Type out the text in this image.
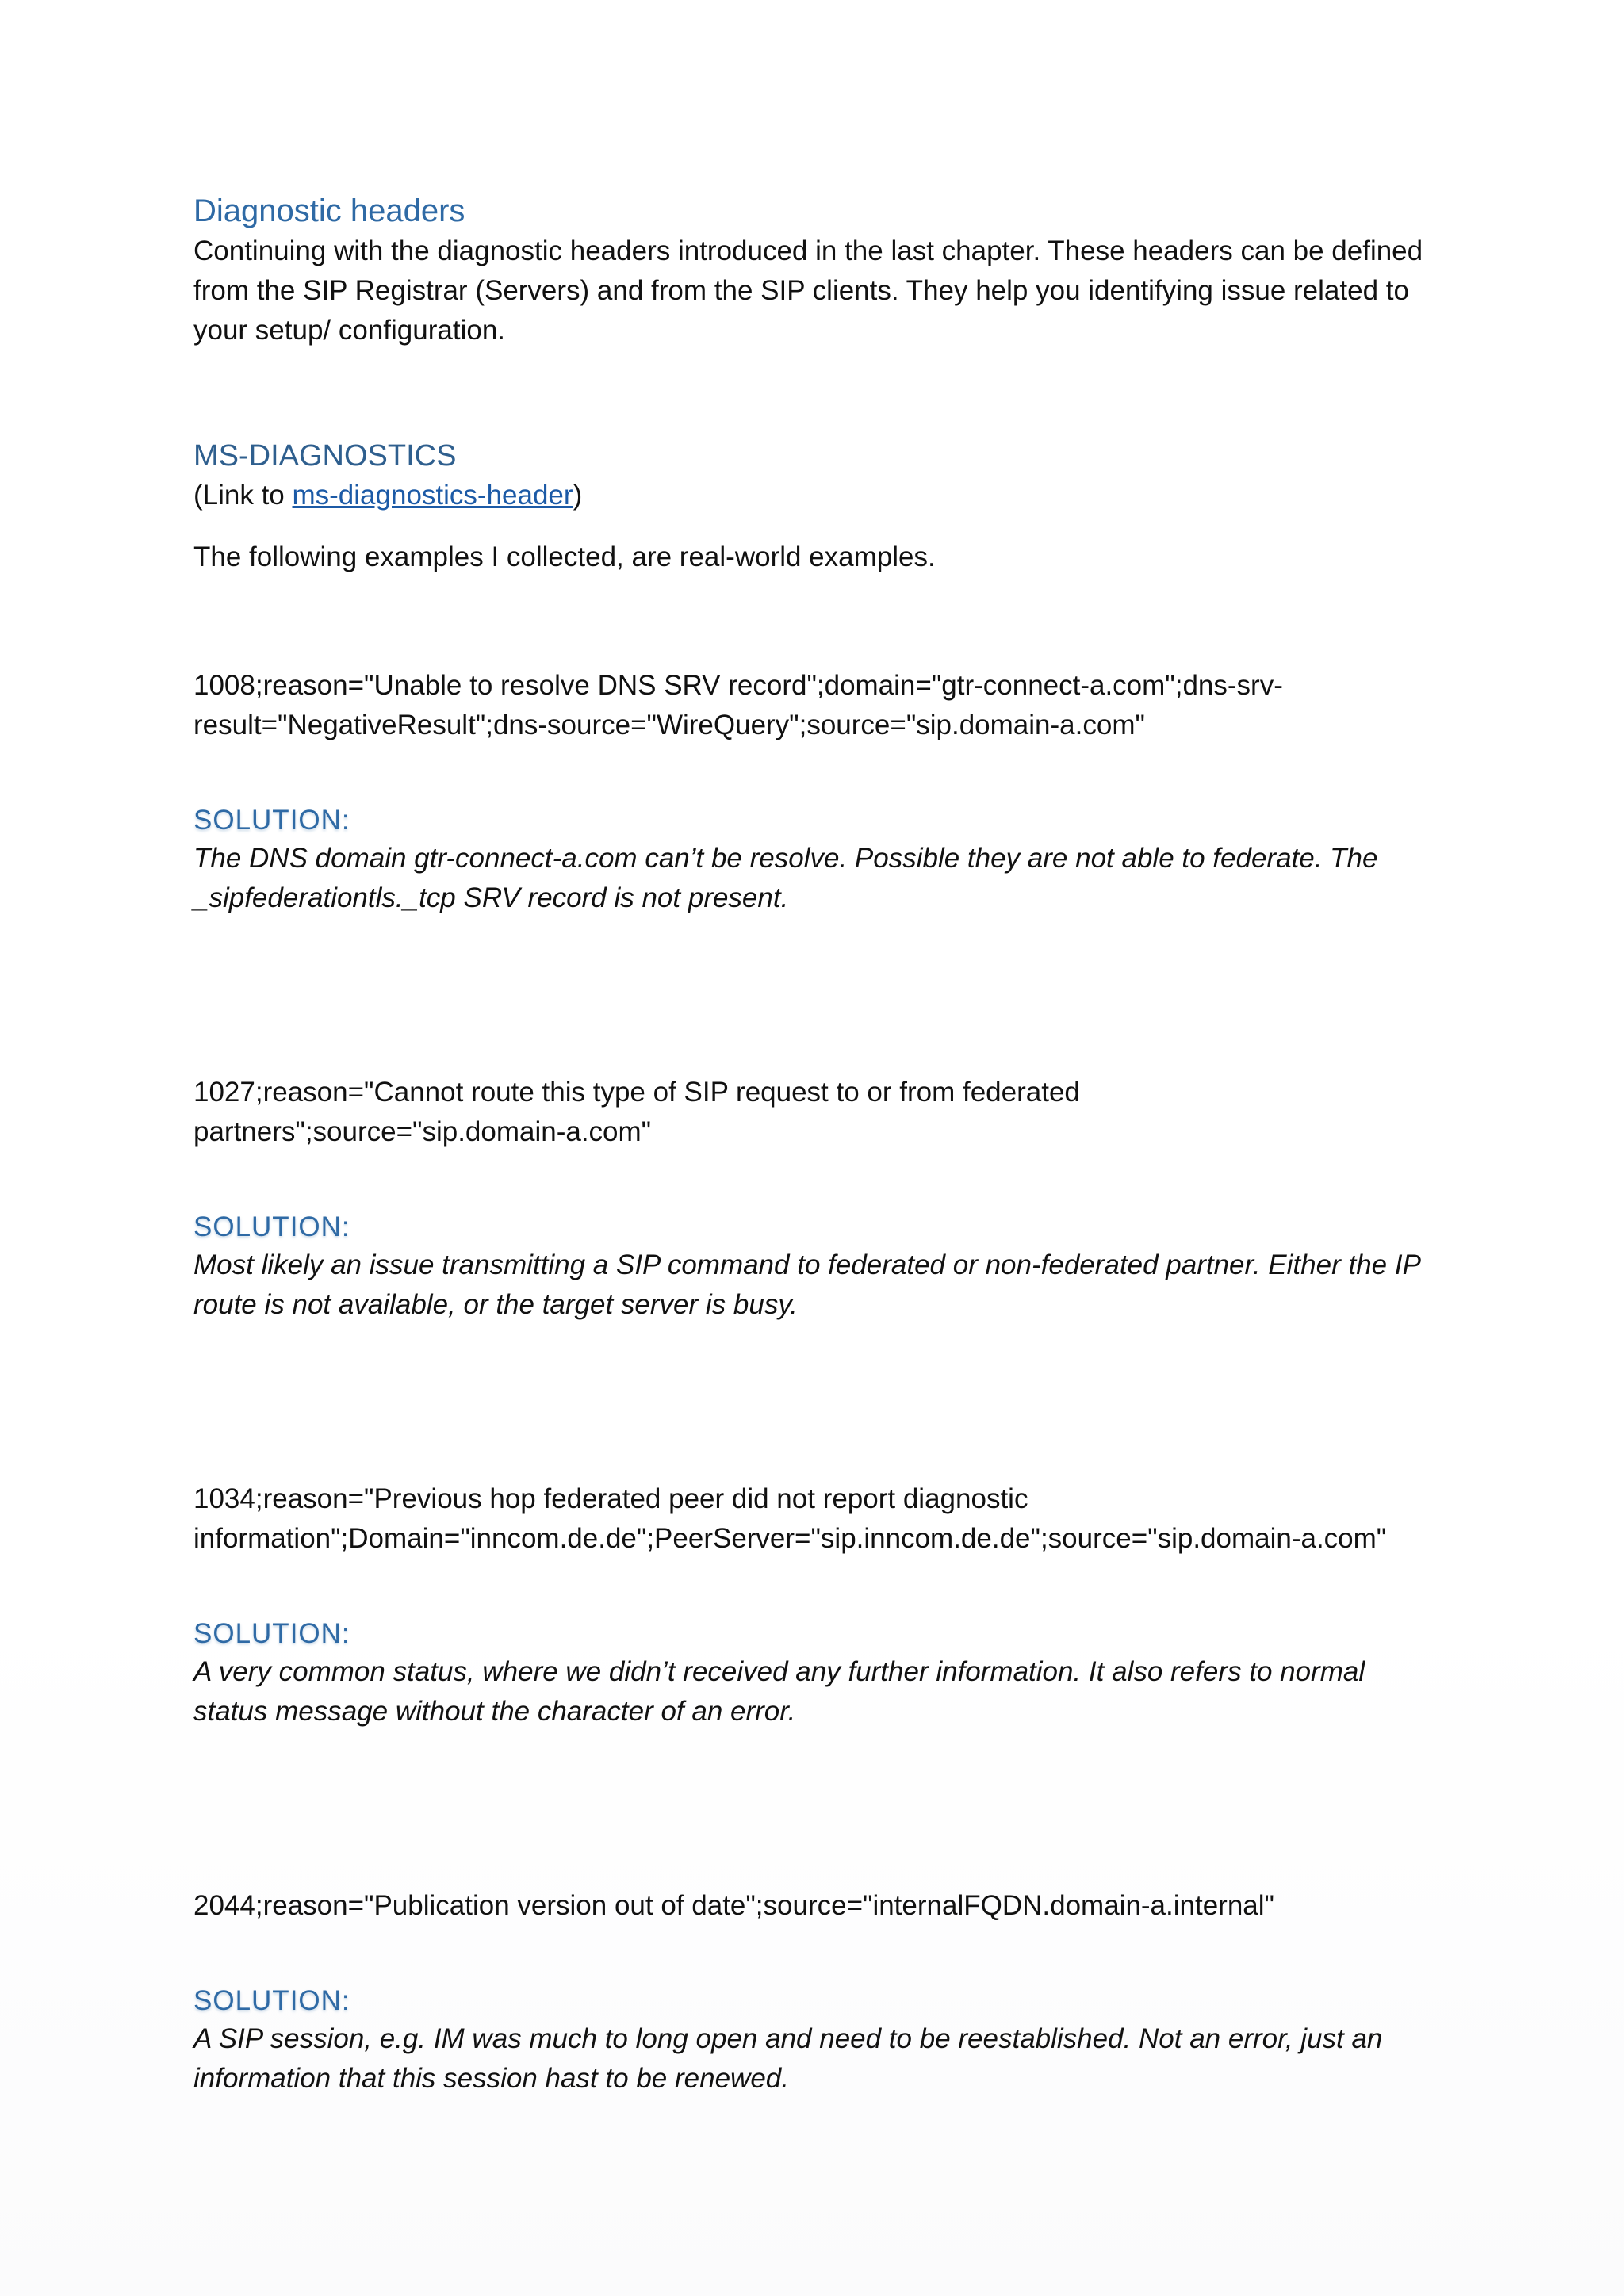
Diagnostic headers

Continuing with the diagnostic headers introduced in the last chapter. These headers can be defined from the SIP Registrar (Servers) and from the SIP clients. They help you identifying issue related to your setup/ configuration.

MS-DIAGNOSTICS

(Link to ms-diagnostics-header)

The following examples I collected, are real-world examples.

1008;reason="Unable to resolve DNS SRV record";domain="gtr-connect-a.com";dns-srv-result="NegativeResult";dns-source="WireQuery";source="sip.domain-a.com"

SOLUTION:

The DNS domain gtr-connect-a.com can’t be resolve. Possible they are not able to federate. The _sipfederationtls._tcp SRV record is not present.

1027;reason="Cannot route this type of SIP request to or from federated partners";source="sip.domain-a.com"

SOLUTION:

Most likely an issue transmitting a SIP command to federated or non-federated partner. Either the IP route is not available, or the target server is busy.

1034;reason="Previous hop federated peer did not report diagnostic information";Domain="inncom.de.de";PeerServer="sip.inncom.de.de";source="sip.domain-a.com"

SOLUTION:

A very common status, where we didn’t received any further information. It also refers to normal status message without the character of an error.

2044;reason="Publication version out of date";source="internalFQDN.domain-a.internal"

SOLUTION:

A SIP session, e.g. IM was much to long open and need to be reestablished. Not an error, just an information that this session hast to be renewed.
